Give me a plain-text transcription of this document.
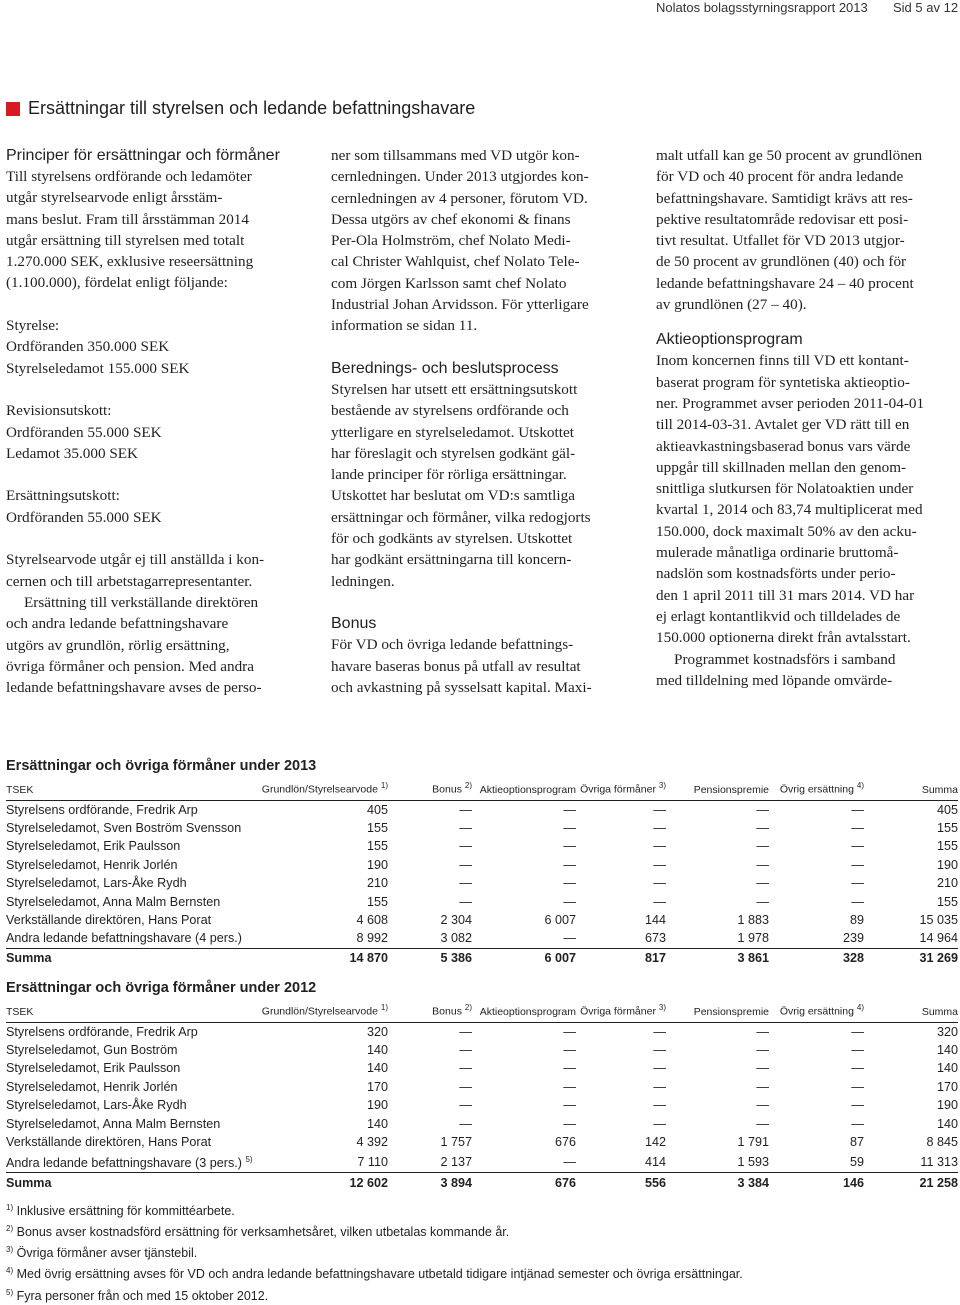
Nolatos bolagsstyrningsrapport 2013 Sid 5 av 12
Ersättningar till styrelsen och ledande befattningshavare

Principer för ersättningar och förmåner

Till styrelsens ordförande och ledamöter

utgår styrelsearvode enligt årsstäm-

mans beslut. Fram till årsstämman 2014

utgår ersättning till styrelsen med totalt

1.270.000 SEK, exklusive reseersättning

(1.100.000), fördelat enligt följande:

Styrelse:

Ordföranden 350.000 SEK

Styrelseledamot 155.000 SEK

Revisionsutskott:

Ordföranden 55.000 SEK

Ledamot 35.000 SEK

Ersättningsutskott:

Ordföranden 55.000 SEK

Styrelsearvode utgår ej till anställda i kon-

cernen och till arbetstagarrepresentanter.

Ersättning till verkställande direktören

och andra ledande befattningshavare

utgörs av grundlön, rörlig ersättning,

övriga förmåner och pension. Med andra

ledande befattningshavare avses de perso-

ner som tillsammans med VD utgör kon-

cernledningen. Under 2013 utgjordes kon-

cernledningen av 4 personer, förutom VD.

Dessa utgörs av chef ekonomi & finans

Per-Ola Holmström, chef Nolato Medi-

cal Christer Wahlquist, chef Nolato Tele-

com Jörgen Karlsson samt chef Nolato

Industrial Johan Arvidsson. För ytterligare

information se sidan 11.

Berednings- och beslutsprocess

Styrelsen har utsett ett ersättningsutskott

bestående av styrelsens ordförande och

ytterligare en styrelseledamot. Utskottet

har föreslagit och styrelsen godkänt gäl-

lande principer för rörliga ersättningar.

Utskottet har beslutat om VD:s samtliga

ersättningar och förmåner, vilka redogjorts

för och godkänts av styrelsen. Utskottet

har godkänt ersättningarna till koncern-

ledningen.

Bonus

För VD och övriga ledande befattnings-

havare baseras bonus på utfall av resultat

och avkastning på sysselsatt kapital. Maxi-

malt utfall kan ge 50 procent av grundlönen

för VD och 40 procent för andra ledande

befattningshavare. Samtidigt krävs att res-

pektive resultatområde redovisar ett posi-

tivt resultat. Utfallet för VD 2013 utgjor-

de 50 procent av grundlönen (40) och för

ledande befattningshavare 24 – 40 procent

av grundlönen (27 – 40).

Aktieoptionsprogram

Inom koncernen finns till VD ett kontant-

baserat program för syntetiska aktieoptio-

ner. Programmet avser perioden 2011-04-01

till 2014-03-31. Avtalet ger VD rätt till en

aktieavkastningsbaserad bonus vars värde

uppgår till skillnaden mellan den genom-

snittliga slutkursen för Nolatoaktien under

kvartal 1, 2014 och 83,74 multiplicerat med

150.000, dock maximalt 50% av den acku-

mulerade månatliga ordinarie bruttomå-

nadslön som kostnadsförts under perio-

den 1 april 2011 till 31 mars 2014. VD har

ej erlagt kontantlikvid och tilldelades de

150.000 optionerna direkt från avtalsstart.

Programmet kostnadsförs i samband

med tilldelning med löpande omvärde-

Ersättningar och övriga förmåner under 2013
TSEK	Grundlön/Styrelsearvode $^{1)}$	Bonus $^{2)}$	Aktieoptionsprogram	Övriga förmåner $^{3)}$	Pensionspremie	Övrig ersättning $^{4)}$	Summa
Styrelsens ordförande, Fredrik Arp	405	—	—	—	—	—	405
Styrelseledamot, Sven Boström Svensson	155	—	—	—	—	—	155
Styrelseledamot, Erik Paulsson	155	—	—	—	—	—	155
Styrelseledamot, Henrik Jorlén	190	—	—	—	—	—	190
Styrelseledamot, Lars-Åke Rydh	210	—	—	—	—	—	210
Styrelseledamot, Anna Malm Bernsten	155	—	—	—	—	—	155
Verkställande direktören, Hans Porat	4 608	2 304	6 007	144	1 883	89	15 035
Andra ledande befattningshavare (4 pers.)	8 992	3 082	—	673	1 978	239	14 964
Summa	14 870	5 386	6 007	817	3 861	328	31 269
Ersättningar och övriga förmåner under 2012
TSEK	Grundlön/Styrelsearvode $^{1)}$	Bonus $^{2)}$	Aktieoptionsprogram	Övriga förmåner $^{3)}$	Pensionspremie	Övrig ersättning $^{4)}$	Summa
Styrelsens ordförande, Fredrik Arp	320	—	—	—	—	—	320
Styrelseledamot, Gun Boström	140	—	—	—	—	—	140
Styrelseledamot, Erik Paulsson	140	—	—	—	—	—	140
Styrelseledamot, Henrik Jorlén	170	—	—	—	—	—	170
Styrelseledamot, Lars-Åke Rydh	190	—	—	—	—	—	190
Styrelseledamot, Anna Malm Bernsten	140	—	—	—	—	—	140
Verkställande direktören, Hans Porat	4 392	1 757	676	142	1 791	87	8 845
Andra ledande befattningshavare (3 pers.) $^{5)}$	7 110	2 137	—	414	1 593	59	11 313
Summa	12 602	3 894	676	556	3 384	146	21 258
$^{1)}$ Inklusive ersättning för kommittéarbete.
$^{2)}$ Bonus avser kostnadsförd ersättning för verksamhetsåret, vilken utbetalas kommande år.
$^{3)}$ Övriga förmåner avser tjänstebil.
$^{4)}$ Med övrig ersättning avses för VD och andra ledande befattningshavare utbetald tidigare intjänad semester och övriga ersättningar.
$^{5)}$ Fyra personer från och med 15 oktober 2012.
